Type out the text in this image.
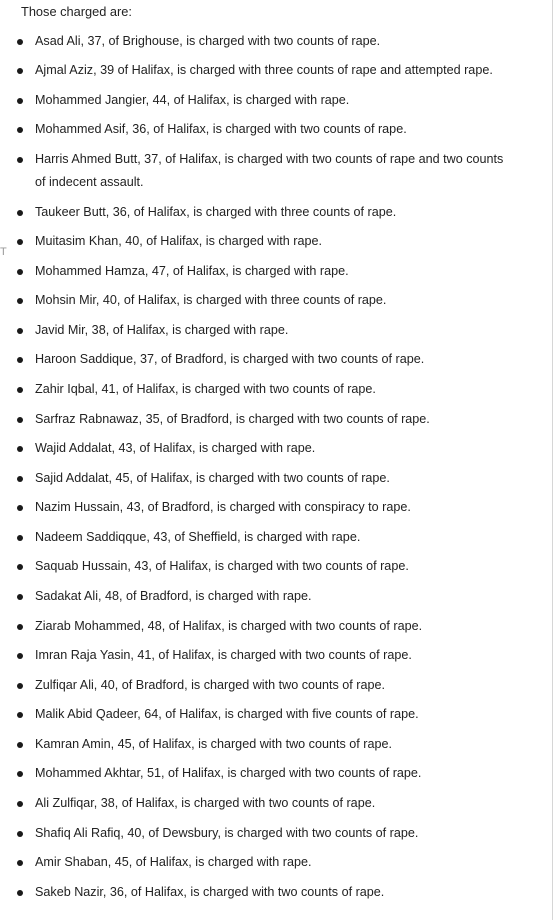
T

Those charged are:

Asad Ali, 37, of Brighouse, is charged with two counts of rape.
Ajmal Aziz, 39 of Halifax, is charged with three counts of rape and attempted rape.
Mohammed Jangier, 44, of Halifax, is charged with rape.
Mohammed Asif, 36, of Halifax, is charged with two counts of rape.
Harris Ahmed Butt, 37, of Halifax, is charged with two counts of rape and two counts of indecent assault.
Taukeer Butt, 36, of Halifax, is charged with three counts of rape.
Muitasim Khan, 40, of Halifax, is charged with rape.
Mohammed Hamza, 47, of Halifax, is charged with rape.
Mohsin Mir, 40, of Halifax, is charged with three counts of rape.
Javid Mir, 38, of Halifax, is charged with rape.
Haroon Saddique, 37, of Bradford, is charged with two counts of rape.
Zahir Iqbal, 41, of Halifax, is charged with two counts of rape.
Sarfraz Rabnawaz, 35, of Bradford, is charged with two counts of rape.
Wajid Addalat, 43, of Halifax, is charged with rape.
Sajid Addalat, 45, of Halifax, is charged with two counts of rape.
Nazim Hussain, 43, of Bradford, is charged with conspiracy to rape.
Nadeem Saddiqque, 43, of Sheffield, is charged with rape.
Saquab Hussain, 43, of Halifax, is charged with two counts of rape.
Sadakat Ali, 48, of Bradford, is charged with rape.
Ziarab Mohammed, 48, of Halifax, is charged with two counts of rape.
Imran Raja Yasin, 41, of Halifax, is charged with two counts of rape.
Zulfiqar Ali, 40, of Bradford, is charged with two counts of rape.
Malik Abid Qadeer, 64, of Halifax, is charged with five counts of rape.
Kamran Amin, 45, of Halifax, is charged with two counts of rape.
Mohammed Akhtar, 51, of Halifax, is charged with two counts of rape.
Ali Zulfiqar, 38, of Halifax, is charged with two counts of rape.
Shafiq Ali Rafiq, 40, of Dewsbury, is charged with two counts of rape.
Amir Shaban, 45, of Halifax, is charged with rape.
Sakeb Nazir, 36, of Halifax, is charged with two counts of rape.
